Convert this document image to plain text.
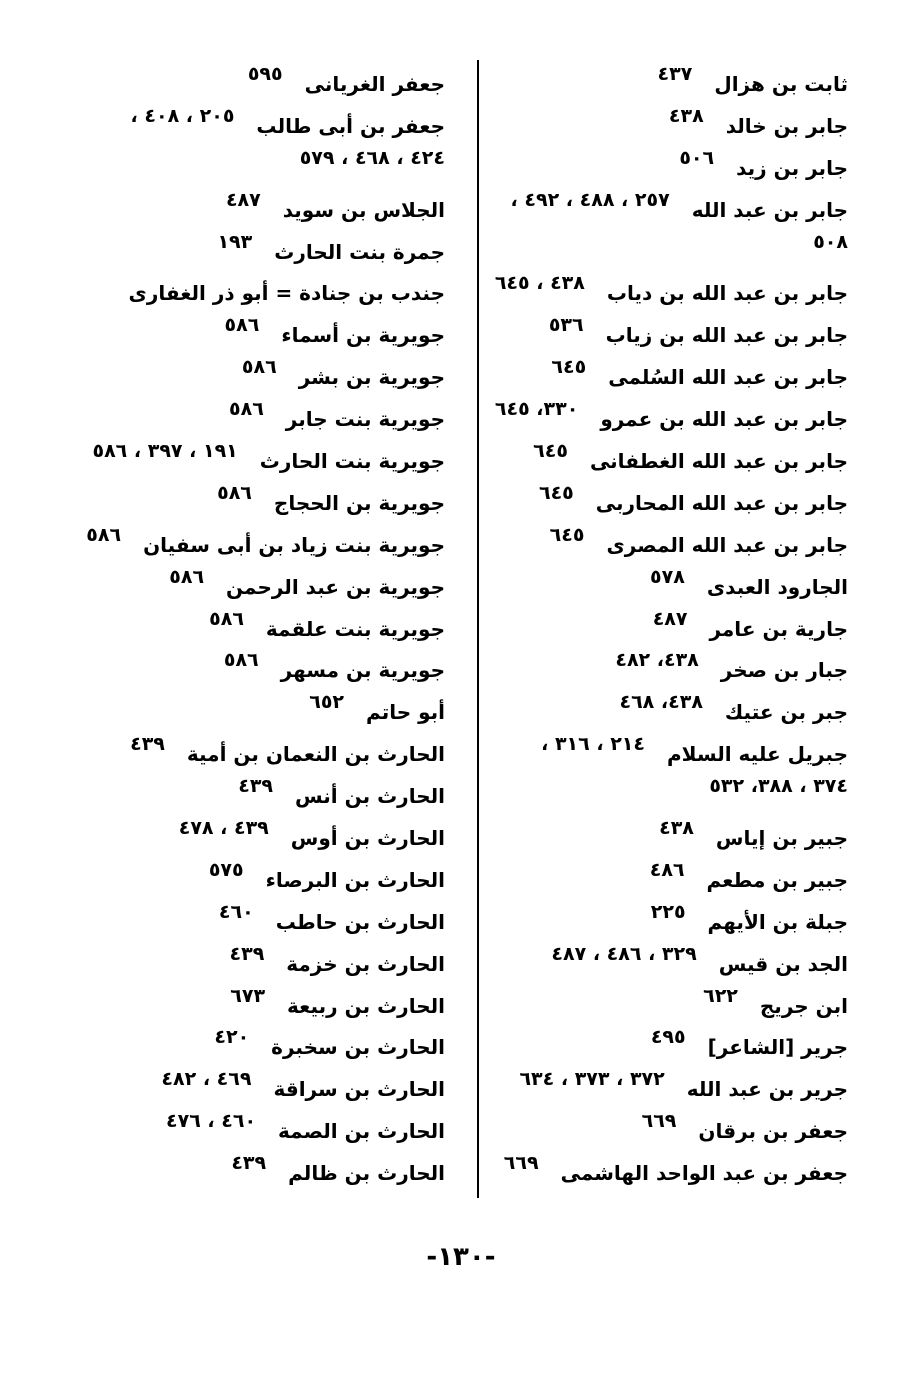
ثابت بن هزال
٤٣٧
جابر بن خالد
٤٣٨
جابر بن زيد
٥٠٦
جابر بن عبد الله
٢٥٧ ، ٤٨٨ ، ٤٩٢ ،
٥٠٨
جابر بن عبد الله بن دياب
٤٣٨ ، ٦٤٥
جابر بن عبد الله بن زياب
٥٣٦
جابر بن عبد الله السُلمى
٦٤٥
جابر بن عبد الله بن عمرو
٣٣٠، ٦٤٥
جابر بن عبد الله الغطفانى
٦٤٥
جابر بن عبد الله المحاربى
٦٤٥
جابر بن عبد الله المصرى
٦٤٥
الجارود العبدى
٥٧٨
جارية بن عامر
٤٨٧
جبار بن صخر
٤٣٨، ٤٨٢
جبر بن عتيك
٤٣٨، ٤٦٨
جبريل عليه السلام
٢١٤ ، ٣١٦ ،
٣٧٤ ، ٣٨٨، ٥٣٢
جبير بن إياس
٤٣٨
جبير بن مطعم
٤٨٦
جبلة بن الأيهم
٢٢٥
الجد بن قيس
٣٢٩ ، ٤٨٦ ، ٤٨٧
ابن جريج
٦٢٢
جرير [الشاعر]
٤٩٥
جرير بن عبد الله
٣٧٢ ، ٣٧٣ ، ٦٣٤
جعفر بن برقان
٦٦٩
جعفر بن عبد الواحد الهاشمى
٦٦٩
جعفر الغريانى
٥٩٥
جعفر بن أبى طالب
٢٠٥ ، ٤٠٨ ،
٤٢٤ ، ٤٦٨ ، ٥٧٩
الجلاس بن سويد
٤٨٧
جمرة بنت الحارث
١٩٣
جندب بن جنادة = أبو ذر الغفارى
جويرية بن أسماء
٥٨٦
جويرية بن بشر
٥٨٦
جويرية بنت جابر
٥٨٦
جويرية بنت الحارث
١٩١ ، ٣٩٧ ، ٥٨٦
جويرية بن الحجاج
٥٨٦
جويرية بنت زياد بن أبى سفيان
٥٨٦
جويرية بن عبد الرحمن
٥٨٦
جويرية بنت علقمة
٥٨٦
جويرية بن مسهر
٥٨٦
أبو حاتم
٦٥٢
الحارث بن النعمان بن أمية
٤٣٩
الحارث بن أنس
٤٣٩
الحارث بن أوس
٤٣٩ ، ٤٧٨
الحارث بن البرصاء
٥٧٥
الحارث بن حاطب
٤٦٠
الحارث بن خزمة
٤٣٩
الحارث بن ربيعة
٦٧٣
الحارث بن سخبرة
٤٢٠
الحارث بن سراقة
٤٦٩ ، ٤٨٢
الحارث بن الصمة
٤٦٠ ، ٤٧٦
الحارث بن ظالم
٤٣٩
-١٣٠-
